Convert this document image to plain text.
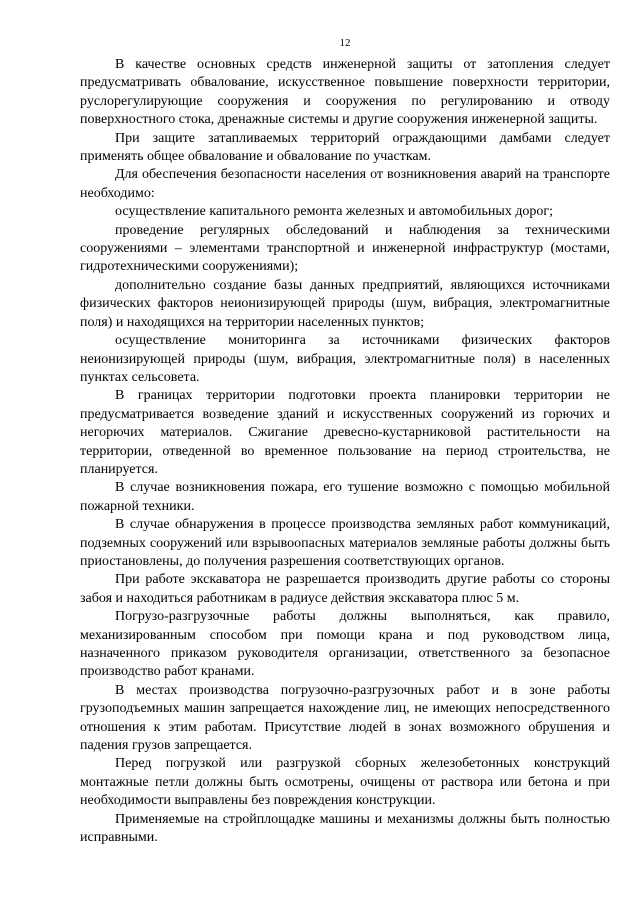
12

В качестве основных средств инженерной защиты от затопления следует предусматривать обвалование, искусственное повышение поверхности территории, руслорегулирующие сооружения и сооружения по регулированию и отводу поверхностного стока, дренажные системы и другие сооружения инженерной защиты.

При защите затапливаемых территорий ограждающими дамбами следует применять общее обвалование и обвалование по участкам.

Для обеспечения безопасности населения от возникновения аварий на транспорте необходимо:

осуществление капитального ремонта железных и автомобильных дорог;

проведение регулярных обследований и наблюдения за техническими сооружениями – элементами транспортной и инженерной инфраструктур (мостами, гидротехническими сооружениями);

дополнительно создание базы данных предприятий, являющихся источниками физических факторов неионизирующей природы (шум, вибрация, электромагнитные поля) и находящихся на территории населенных пунктов;

осуществление мониторинга за источниками физических факторов неионизирующей природы (шум, вибрация, электромагнитные поля) в населенных пунктах сельсовета.

В границах территории подготовки проекта планировки территории не предусматривается возведение зданий и искусственных сооружений из горючих и негорючих материалов. Сжигание древесно-кустарниковой растительности на территории, отведенной во временное пользование на период строительства, не планируется.

В случае возникновения пожара, его тушение возможно с помощью мобильной пожарной техники.

В случае обнаружения в процессе производства земляных работ коммуникаций, подземных сооружений или взрывоопасных материалов земляные работы должны быть приостановлены, до получения разрешения соответствующих органов.

При работе экскаватора не разрешается производить другие работы со стороны забоя и находиться работникам в радиусе действия экскаватора плюс 5 м.

Погрузо-разгрузочные работы должны выполняться, как правило, механизированным способом при помощи крана и под руководством лица, назначенного приказом руководителя организации, ответственного за безопасное производство работ кранами.

В местах производства погрузочно-разгрузочных работ и в зоне работы грузоподъемных машин запрещается нахождение лиц, не имеющих непосредственного отношения к этим работам. Присутствие людей в зонах возможного обрушения и падения грузов запрещается.

Перед погрузкой или разгрузкой сборных железобетонных конструкций монтажные петли должны быть осмотрены, очищены от раствора или бетона и при необходимости выправлены без повреждения конструкции.

Применяемые на стройплощадке машины и механизмы должны быть полностью исправными.
